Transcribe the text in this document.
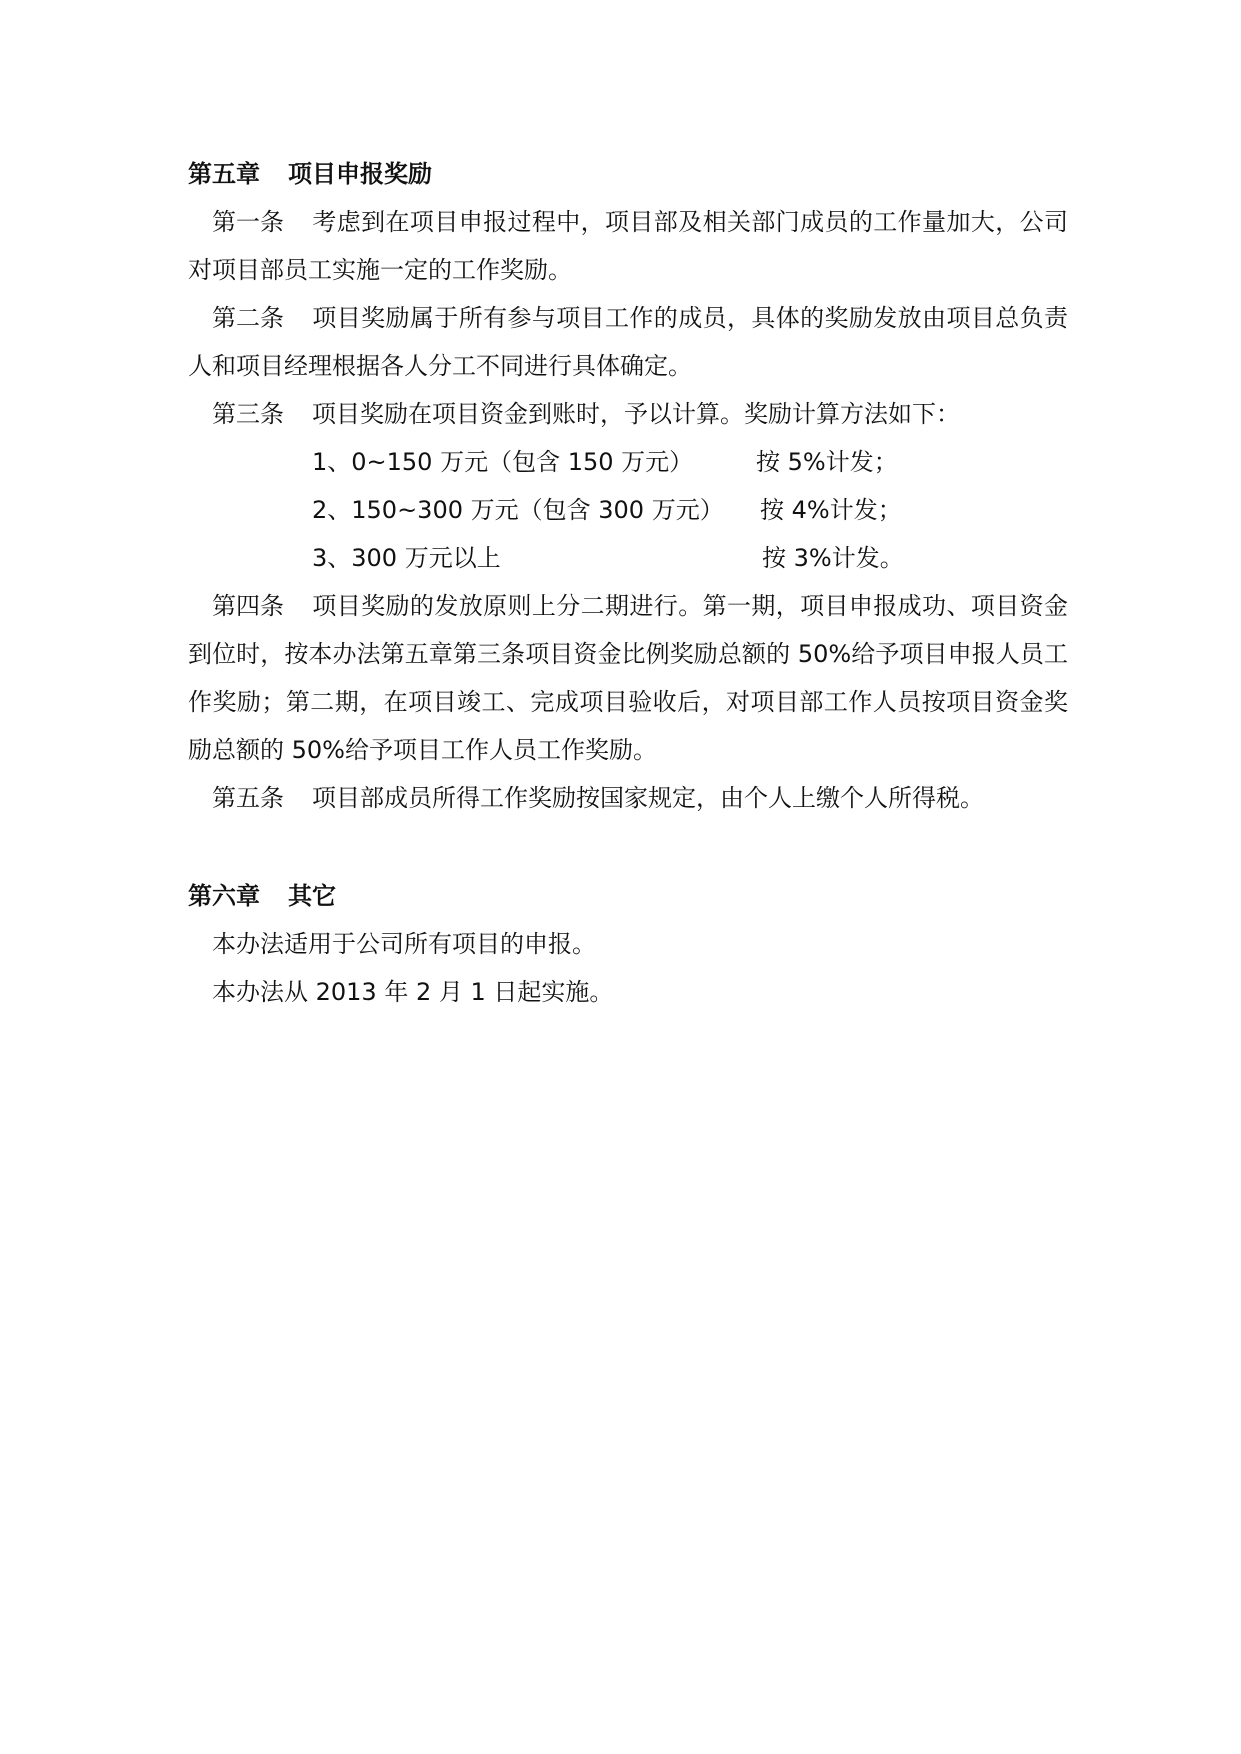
第五章 项目申报奖励

第一条 考虑到在项目申报过程中，项目部及相关部门成员的工作量加大，公司对项目部员工实施一定的工作奖励。

第二条 项目奖励属于所有参与项目工作的成员，具体的奖励发放由项目总负责人和项目经理根据各人分工不同进行具体确定。

第三条 项目奖励在项目资金到账时，予以计算。奖励计算方法如下：

1、0~150 万元（包含 150 万元）	按 5%计发；
2、150~300 万元（包含 300 万元） 按 4%计发；
3、300 万元以上	按 3%计发。

第四条 项目奖励的发放原则上分二期进行。第一期，项目申报成功、项目资金到位时，按本办法第五章第三条项目资金比例奖励总额的 50%给予项目申报人员工作奖励；第二期，在项目竣工、完成项目验收后，对项目部工作人员按项目资金奖励总额的 50%给予项目工作人员工作奖励。

第五条 项目部成员所得工作奖励按国家规定，由个人上缴个人所得税。

第六章 其它

本办法适用于公司所有项目的申报。

本办法从 2013 年 2 月 1 日起实施。
